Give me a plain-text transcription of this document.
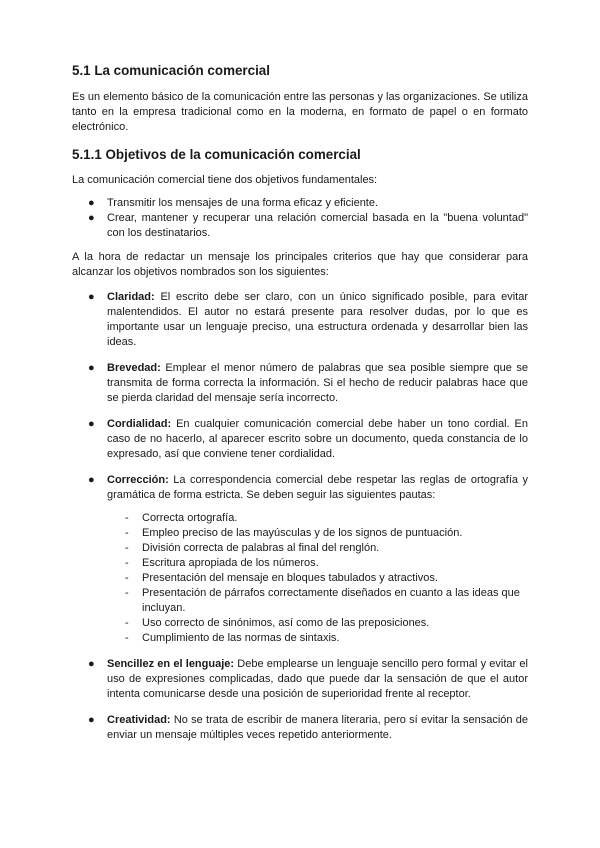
5.1 La comunicación comercial

Es un elemento básico de la comunicación entre las personas y las organizaciones. Se utiliza tanto en la empresa tradicional como en la moderna, en formato de papel o en formato electrónico.

5.1.1 Objetivos de la comunicación comercial

La comunicación comercial tiene dos objetivos fundamentales:

● Transmitir los mensajes de una forma eficaz y eficiente.
● Crear, mantener y recuperar una relación comercial basada en la "buena voluntad" con los destinatarios.

A la hora de redactar un mensaje los principales criterios que hay que considerar para alcanzar los objetivos nombrados son los siguientes:

● Claridad: El escrito debe ser claro, con un único significado posible, para evitar malentendidos. El autor no estará presente para resolver dudas, por lo que es importante usar un lenguaje preciso, una estructura ordenada y desarrollar bien las ideas.
● Brevedad: Emplear el menor número de palabras que sea posible siempre que se transmita de forma correcta la información. Si el hecho de reducir palabras hace que se pierda claridad del mensaje sería incorrecto.
● Cordialidad: En cualquier comunicación comercial debe haber un tono cordial. En caso de no hacerlo, al aparecer escrito sobre un documento, queda constancia de lo expresado, así que conviene tener cordialidad.
● Corrección: La correspondencia comercial debe respetar las reglas de ortografía y gramática de forma estricta. Se deben seguir las siguientes pautas:
- Correcta ortografía.
- Empleo preciso de las mayúsculas y de los signos de puntuación.
- División correcta de palabras al final del renglón.
- Escritura apropiada de los números.
- Presentación del mensaje en bloques tabulados y atractivos.
- Presentación de párrafos correctamente diseñados en cuanto a las ideas que incluyan.
- Uso correcto de sinónimos, así como de las preposiciones.
- Cumplimiento de las normas de sintaxis.
● Sencillez en el lenguaje: Debe emplearse un lenguaje sencillo pero formal y evitar el uso de expresiones complicadas, dado que puede dar la sensación de que el autor intenta comunicarse desde una posición de superioridad frente al receptor.
● Creatividad: No se trata de escribir de manera literaria, pero sí evitar la sensación de enviar un mensaje múltiples veces repetido anteriormente.
